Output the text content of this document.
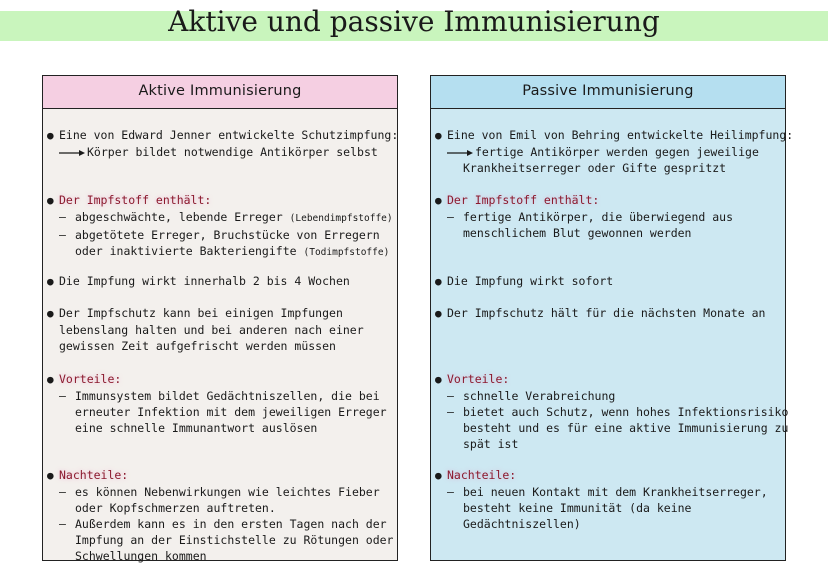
Aktive und passive Immunisierung
Aktive Immunisierung
● Eine von Edward Jenner entwickelte Schutzimpfung:
Körper bildet notwendige Antikörper selbst
● Der Impfstoff enthält:
– abgeschwächte, lebende Erreger (Lebendimpfstoffe)
– abgetötete Erreger, Bruchstücke von Erregern
oder inaktivierte Bakteriengifte (Todimpfstoffe)
● Die Impfung wirkt innerhalb 2 bis 4 Wochen
● Der Impfschutz kann bei einigen Impfungen
lebenslang halten und bei anderen nach einer
gewissen Zeit aufgefrischt werden müssen
● Vorteile:
– Immunsystem bildet Gedächtniszellen, die bei
erneuter Infektion mit dem jeweiligen Erreger
eine schnelle Immunantwort auslösen
● Nachteile:
– es können Nebenwirkungen wie leichtes Fieber
oder Kopfschmerzen auftreten.
– Außerdem kann es in den ersten Tagen nach der
Impfung an der Einstichstelle zu Rötungen oder
Schwellungen kommen
Passive Immunisierung
● Eine von Emil von Behring entwickelte Heilimpfung:
fertige Antikörper werden gegen jeweilige
Krankheitserreger oder Gifte gespritzt
● Der Impfstoff enthält:
– fertige Antikörper, die überwiegend aus
menschlichem Blut gewonnen werden
● Die Impfung wirkt sofort
● Der Impfschutz hält für die nächsten Monate an
● Vorteile:
– schnelle Verabreichung
– bietet auch Schutz, wenn hohes Infektionsrisiko
besteht und es für eine aktive Immunisierung zu
spät ist
● Nachteile:
– bei neuen Kontakt mit dem Krankheitserreger,
besteht keine Immunität (da keine
Gedächtniszellen)
